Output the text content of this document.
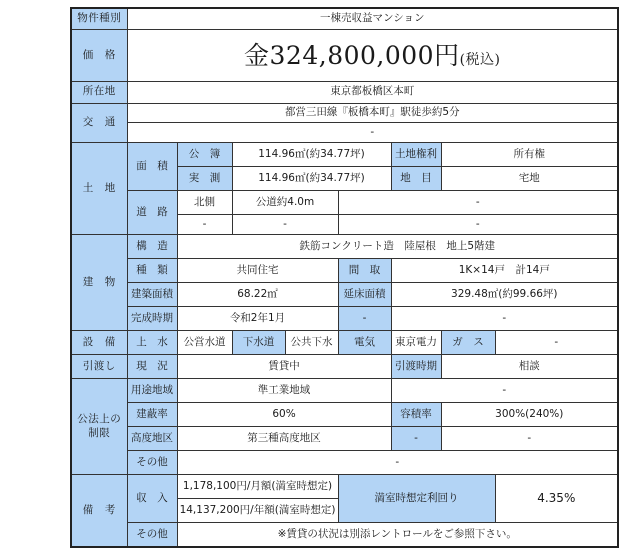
物件種別	一棟売収益マンション							
価　格	金324,800,000円(税込)							
所在地	東京都板橋区本町							
交　通	都営三田線『板橋本町』駅徒歩約5分							
	-							
土　地	面　積	公　簿	114.96㎡(約34.77坪)			土地権利	所有権	
		実　測	114.96㎡(約34.77坪)			地　目	宅地	
	道　路	北側	公道約4.0m		-			
		-	-		-			
建　物	構　造	鉄筋コンクリート造　陸屋根　地上5階建						
	種　類	共同住宅			間　取	1K×14戸　計14戸		
	建築面積	68.22㎡			延床面積	329.48㎡(約99.66坪)		
	完成時期	令和2年1月			-	-		
設　備	上　水	公営水道	下水道	公共下水	電気	東京電力	ガ　ス	-
引渡し	現　況	賃貸中				引渡時期	相談	
公法上の制限	用途地域	準工業地域				-		
	建蔽率	60%				容積率	300%(240%)	
	高度地区	第三種高度地区				-	-	
	その他	-						
備　考	収　入	1,178,100円/月額(満室時想定)			満室時想定利回り			4.35%
		14,137,200円/年額(満室時想定)						
	その他	※賃貸の状況は別添レントロールをご参照下さい。						
